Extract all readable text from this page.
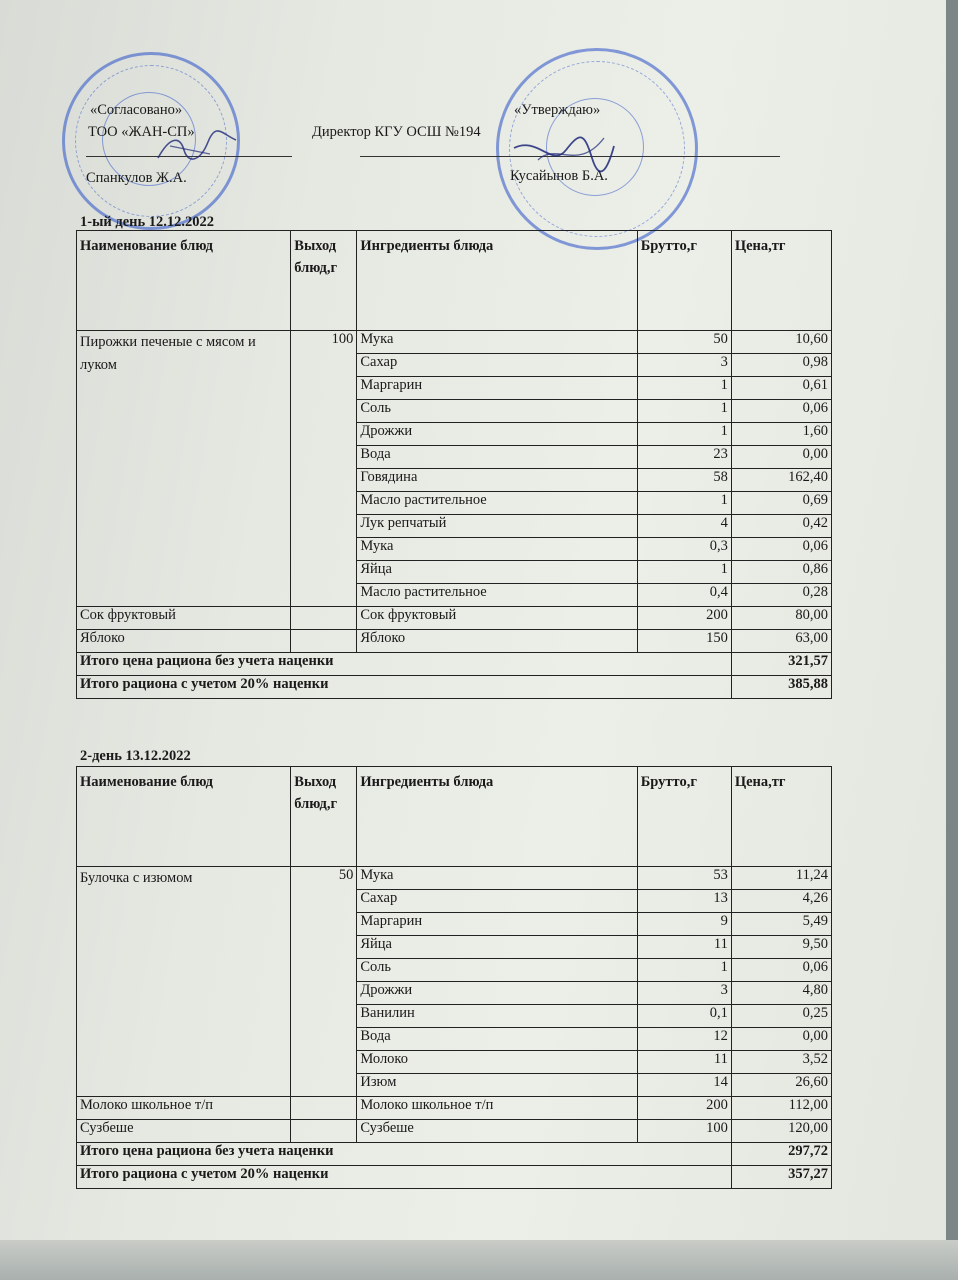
«Согласовано»
ТОО «ЖАН-СП»	Директор КГУ ОСШ №194
«Утверждаю»
Спанкулов Ж.А.	Кусайынов Б.А.
1-ый день 12.12.2022
Наименование блюд	Выход блюд,г	Ингредиенты блюда	Брутто,г	Цена,тг
Пирожки печеные с мясом и луком	100	Мука	50	10,60
		Сахар	3	0,98
		Маргарин	1	0,61
		Соль	1	0,06
		Дрожжи	1	1,60
		Вода	23	0,00
		Говядина	58	162,40
		Масло растительное	1	0,69
		Лук репчатый	4	0,42
		Мука	0,3	0,06
		Яйца	1	0,86
		Масло растительное	0,4	0,28
Сок фруктовый		Сок фруктовый	200	80,00
Яблоко		Яблоко	150	63,00
Итого цена рациона без учета наценки				321,57
Итого рациона с учетом 20% наценки				385,88
2-день 13.12.2022
Наименование блюд	Выход блюд,г	Ингредиенты блюда	Брутто,г	Цена,тг
Булочка с изюмом	50	Мука	53	11,24
		Сахар	13	4,26
		Маргарин	9	5,49
		Яйца	11	9,50
		Соль	1	0,06
		Дрожжи	3	4,80
		Ванилин	0,1	0,25
		Вода	12	0,00
		Молоко	11	3,52
		Изюм	14	26,60
Молоко школьное т/п		Молоко школьное т/п	200	112,00
Сузбеше		Сузбеше	100	120,00
Итого цена рациона без учета наценки				297,72
Итого рациона с учетом 20% наценки				357,27
